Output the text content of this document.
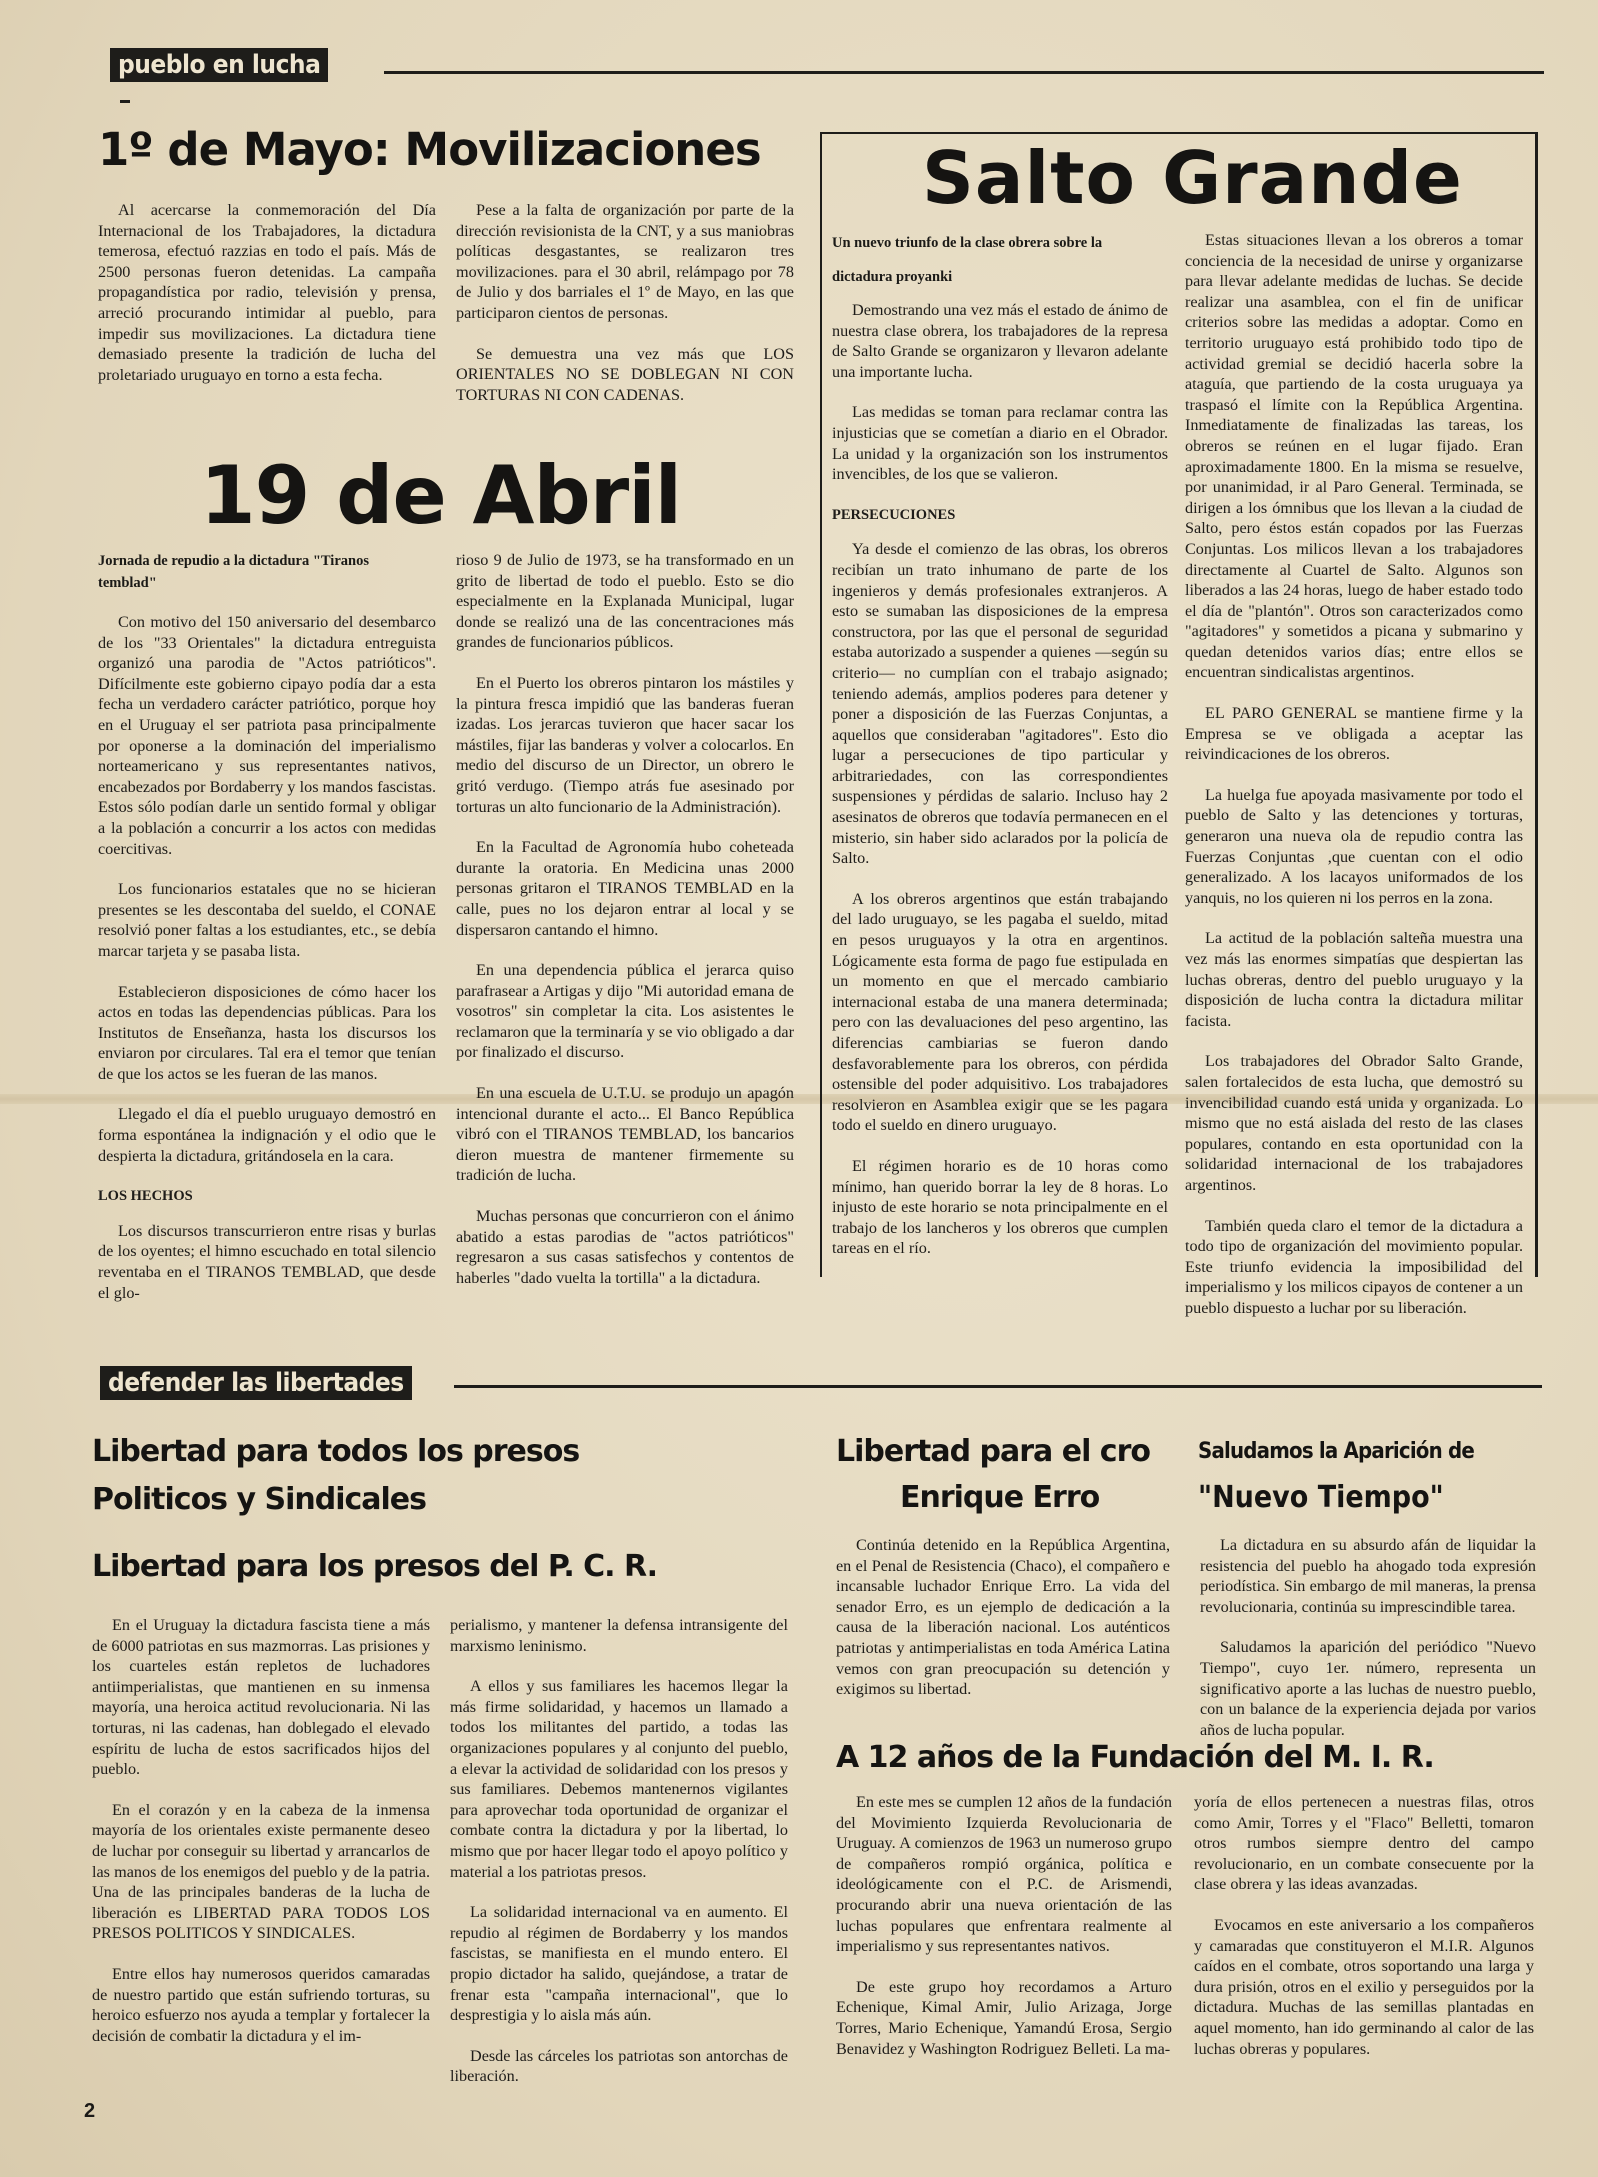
pueblo en lucha
1º de Mayo: Movilizaciones

Al acercarse la conmemoración del Día Internacional de los Trabajadores, la dictadura temerosa, efectuó razzias en todo el país. Más de 2500 personas fueron detenidas. La campaña propagandística por radio, televisión y prensa, arreció procurando intimidar al pueblo, para impedir sus movilizaciones. La dictadura tiene demasiado presente la tradición de lucha del proletariado uruguayo en torno a esta fecha.

Pese a la falta de organización por parte de la dirección revisionista de la CNT, y a sus maniobras políticas desgastantes, se realizaron tres movilizaciones. para el 30 abril, relámpago por 78 de Julio y dos barriales el 1º de Mayo, en las que participaron cientos de personas.

Se demuestra una vez más que LOS ORIENTALES NO SE DOBLEGAN NI CON TORTURAS NI CON CADENAS.

19 de Abril
Jornada de repudio a la dictadura "Tiranos temblad"

Con motivo del 150 aniversario del desembarco de los "33 Orientales" la dictadura entreguista organizó una parodia de "Actos patrióticos". Difícilmente este gobierno cipayo podía dar a esta fecha un verdadero carácter patriótico, porque hoy en el Uruguay el ser patriota pasa principalmente por oponerse a la dominación del imperialismo norteamericano y sus representantes nativos, encabezados por Bordaberry y los mandos fascistas. Estos sólo podían darle un sentido formal y obligar a la población a concurrir a los actos con medidas coercitivas.

Los funcionarios estatales que no se hicieran presentes se les descontaba del sueldo, el CONAE resolvió poner faltas a los estudiantes, etc., se debía marcar tarjeta y se pasaba lista.

Establecieron disposiciones de cómo hacer los actos en todas las dependencias públicas. Para los Institutos de Enseñanza, hasta los discursos los enviaron por circulares. Tal era el temor que tenían de que los actos se les fueran de las manos.

Llegado el día el pueblo uruguayo demostró en forma espontánea la indignación y el odio que le despierta la dictadura, gritándosela en la cara.

LOS HECHOS

Los discursos transcurrieron entre risas y burlas de los oyentes; el himno escuchado en total silencio reventaba en el TIRANOS TEMBLAD, que desde el glo-

rioso 9 de Julio de 1973, se ha transformado en un grito de libertad de todo el pueblo. Esto se dio especialmente en la Explanada Municipal, lugar donde se realizó una de las concentraciones más grandes de funcionarios públicos.

En el Puerto los obreros pintaron los mástiles y la pintura fresca impidió que las banderas fueran izadas. Los jerarcas tuvieron que hacer sacar los mástiles, fijar las banderas y volver a colocarlos. En medio del discurso de un Director, un obrero le gritó verdugo. (Tiempo atrás fue asesinado por torturas un alto funcionario de la Administración).

En la Facultad de Agronomía hubo coheteada durante la oratoria. En Medicina unas 2000 personas gritaron el TIRANOS TEMBLAD en la calle, pues no los dejaron entrar al local y se dispersaron cantando el himno.

En una dependencia pública el jerarca quiso parafrasear a Artigas y dijo "Mi autoridad emana de vosotros" sin completar la cita. Los asistentes le reclamaron que la terminaría y se vio obligado a dar por finalizado el discurso.

En una escuela de U.T.U. se produjo un apagón intencional durante el acto... El Banco República vibró con el TIRANOS TEMBLAD, los bancarios dieron muestra de mantener firmemente su tradición de lucha.

Muchas personas que concurrieron con el ánimo abatido a estas parodias de "actos patrióticos" regresaron a sus casas satisfechos y contentos de haberles "dado vuelta la tortilla" a la dictadura.

Salto Grande
Un nuevo triunfo de la clase obrera sobre la dictadura proyanki

Demostrando una vez más el estado de ánimo de nuestra clase obrera, los trabajadores de la represa de Salto Grande se organizaron y llevaron adelante una importante lucha.

Las medidas se toman para reclamar contra las injusticias que se cometían a diario en el Obrador. La unidad y la organización son los instrumentos invencibles, de los que se valieron.

PERSECUCIONES

Ya desde el comienzo de las obras, los obreros recibían un trato inhumano de parte de los ingenieros y demás profesionales extranjeros. A esto se sumaban las disposiciones de la empresa constructora, por las que el personal de seguridad estaba autorizado a suspender a quienes —según su criterio— no cumplían con el trabajo asignado; teniendo además, amplios poderes para detener y poner a disposición de las Fuerzas Conjuntas, a aquellos que consideraban "agitadores". Esto dio lugar a persecuciones de tipo particular y arbitrariedades, con las correspondientes suspensiones y pérdidas de salario. Incluso hay 2 asesinatos de obreros que todavía permanecen en el misterio, sin haber sido aclarados por la policía de Salto.

A los obreros argentinos que están trabajando del lado uruguayo, se les pagaba el sueldo, mitad en pesos uruguayos y la otra en argentinos. Lógicamente esta forma de pago fue estipulada en un momento en que el mercado cambiario internacional estaba de una manera determinada; pero con las devaluaciones del peso argentino, las diferencias cambiarias se fueron dando desfavorablemente para los obreros, con pérdida ostensible del poder adquisitivo. Los trabajadores resolvieron en Asamblea exigir que se les pagara todo el sueldo en dinero uruguayo.

El régimen horario es de 10 horas como mínimo, han querido borrar la ley de 8 horas. Lo injusto de este horario se nota principalmente en el trabajo de los lancheros y los obreros que cumplen tareas en el río.

Estas situaciones llevan a los obreros a tomar conciencia de la necesidad de unirse y organizarse para llevar adelante medidas de luchas. Se decide realizar una asamblea, con el fin de unificar criterios sobre las medidas a adoptar. Como en territorio uruguayo está prohibido todo tipo de actividad gremial se decidió hacerla sobre la ataguía, que partiendo de la costa uruguaya ya traspasó el límite con la República Argentina. Inmediatamente de finalizadas las tareas, los obreros se reúnen en el lugar fijado. Eran aproximadamente 1800. En la misma se resuelve, por unanimidad, ir al Paro General. Terminada, se dirigen a los ómnibus que los llevan a la ciudad de Salto, pero éstos están copados por las Fuerzas Conjuntas. Los milicos llevan a los trabajadores directamente al Cuartel de Salto. Algunos son liberados a las 24 horas, luego de haber estado todo el día de "plantón". Otros son caracterizados como "agitadores" y sometidos a picana y submarino y quedan detenidos varios días; entre ellos se encuentran sindicalistas argentinos.

EL PARO GENERAL se mantiene firme y la Empresa se ve obligada a aceptar las reivindicaciones de los obreros.

La huelga fue apoyada masivamente por todo el pueblo de Salto y las detenciones y torturas, generaron una nueva ola de repudio contra las Fuerzas Conjuntas ,que cuentan con el odio generalizado. A los lacayos uniformados de los yanquis, no los quieren ni los perros en la zona.

La actitud de la población salteña muestra una vez más las enormes simpatías que despiertan las luchas obreras, dentro del pueblo uruguayo y la disposición de lucha contra la dictadura militar facista.

Los trabajadores del Obrador Salto Grande, salen fortalecidos de esta lucha, que demostró su invencibilidad cuando está unida y organizada. Lo mismo que no está aislada del resto de las clases populares, contando en esta oportunidad con la solidaridad internacional de los trabajadores argentinos.

También queda claro el temor de la dictadura a todo tipo de organización del movimiento popular. Este triunfo evidencia la imposibilidad del imperialismo y los milicos cipayos de contener a un pueblo dispuesto a luchar por su liberación.

defender las libertades
Libertad para todos los presos
Politicos y Sindicales
Libertad para los presos del P. C. R.

En el Uruguay la dictadura fascista tiene a más de 6000 patriotas en sus mazmorras. Las prisiones y los cuarteles están repletos de luchadores antiimperialistas, que mantienen en su inmensa mayoría, una heroica actitud revolucionaria. Ni las torturas, ni las cadenas, han doblegado el elevado espíritu de lucha de estos sacrificados hijos del pueblo.

En el corazón y en la cabeza de la inmensa mayoría de los orientales existe permanente deseo de luchar por conseguir su libertad y arrancarlos de las manos de los enemigos del pueblo y de la patria. Una de las principales banderas de la lucha de liberación es LIBERTAD PARA TODOS LOS PRESOS POLITICOS Y SINDICALES.

Entre ellos hay numerosos queridos camaradas de nuestro partido que están sufriendo torturas, su heroico esfuerzo nos ayuda a templar y fortalecer la decisión de combatir la dictadura y el im-

perialismo, y mantener la defensa intransigente del marxismo leninismo.

A ellos y sus familiares les hacemos llegar la más firme solidaridad, y hacemos un llamado a todos los militantes del partido, a todas las organizaciones populares y al conjunto del pueblo, a elevar la actividad de solidaridad con los presos y sus familiares. Debemos mantenernos vigilantes para aprovechar toda oportunidad de organizar el combate contra la dictadura y por la libertad, lo mismo que por hacer llegar todo el apoyo político y material a los patriotas presos.

La solidaridad internacional va en aumento. El repudio al régimen de Bordaberry y los mandos fascistas, se manifiesta en el mundo entero. El propio dictador ha salido, quejándose, a tratar de frenar esta "campaña internacional", que lo desprestigia y lo aisla más aún.

Desde las cárceles los patriotas son antorchas de liberación.

Libertad para el cro
Enrique Erro

Continúa detenido en la República Argentina, en el Penal de Resistencia (Chaco), el compañero e incansable luchador Enrique Erro. La vida del senador Erro, es un ejemplo de dedicación a la causa de la liberación nacional. Los auténticos patriotas y antimperialistas en toda América Latina vemos con gran preocupación su detención y exigimos su libertad.

Saludamos la Aparición de
"Nuevo Tiempo"

La dictadura en su absurdo afán de liquidar la resistencia del pueblo ha ahogado toda expresión periodística. Sin embargo de mil maneras, la prensa revolucionaria, continúa su imprescindible tarea.

Saludamos la aparición del periódico "Nuevo Tiempo", cuyo 1er. número, representa un significativo aporte a las luchas de nuestro pueblo, con un balance de la experiencia dejada por varios años de lucha popular.

A 12 años de la Fundación del M. I. R.

En este mes se cumplen 12 años de la fundación del Movimiento Izquierda Revolucionaria de Uruguay. A comienzos de 1963 un numeroso grupo de compañeros rompió orgánica, política e ideológicamente con el P.C. de Arismendi, procurando abrir una nueva orientación de las luchas populares que enfrentara realmente al imperialismo y sus representantes nativos.

De este grupo hoy recordamos a Arturo Echenique, Kimal Amir, Julio Arizaga, Jorge Torres, Mario Echenique, Yamandú Erosa, Sergio Benavidez y Washington Rodriguez Belleti. La ma-

yoría de ellos pertenecen a nuestras filas, otros como Amir, Torres y el "Flaco" Belletti, tomaron otros rumbos siempre dentro del campo revolucionario, en un combate consecuente por la clase obrera y las ideas avanzadas.

Evocamos en este aniversario a los compañeros y camaradas que constituyeron el M.I.R. Algunos caídos en el combate, otros soportando una larga y dura prisión, otros en el exilio y perseguidos por la dictadura. Muchas de las semillas plantadas en aquel momento, han ido germinando al calor de las luchas obreras y populares.

2
